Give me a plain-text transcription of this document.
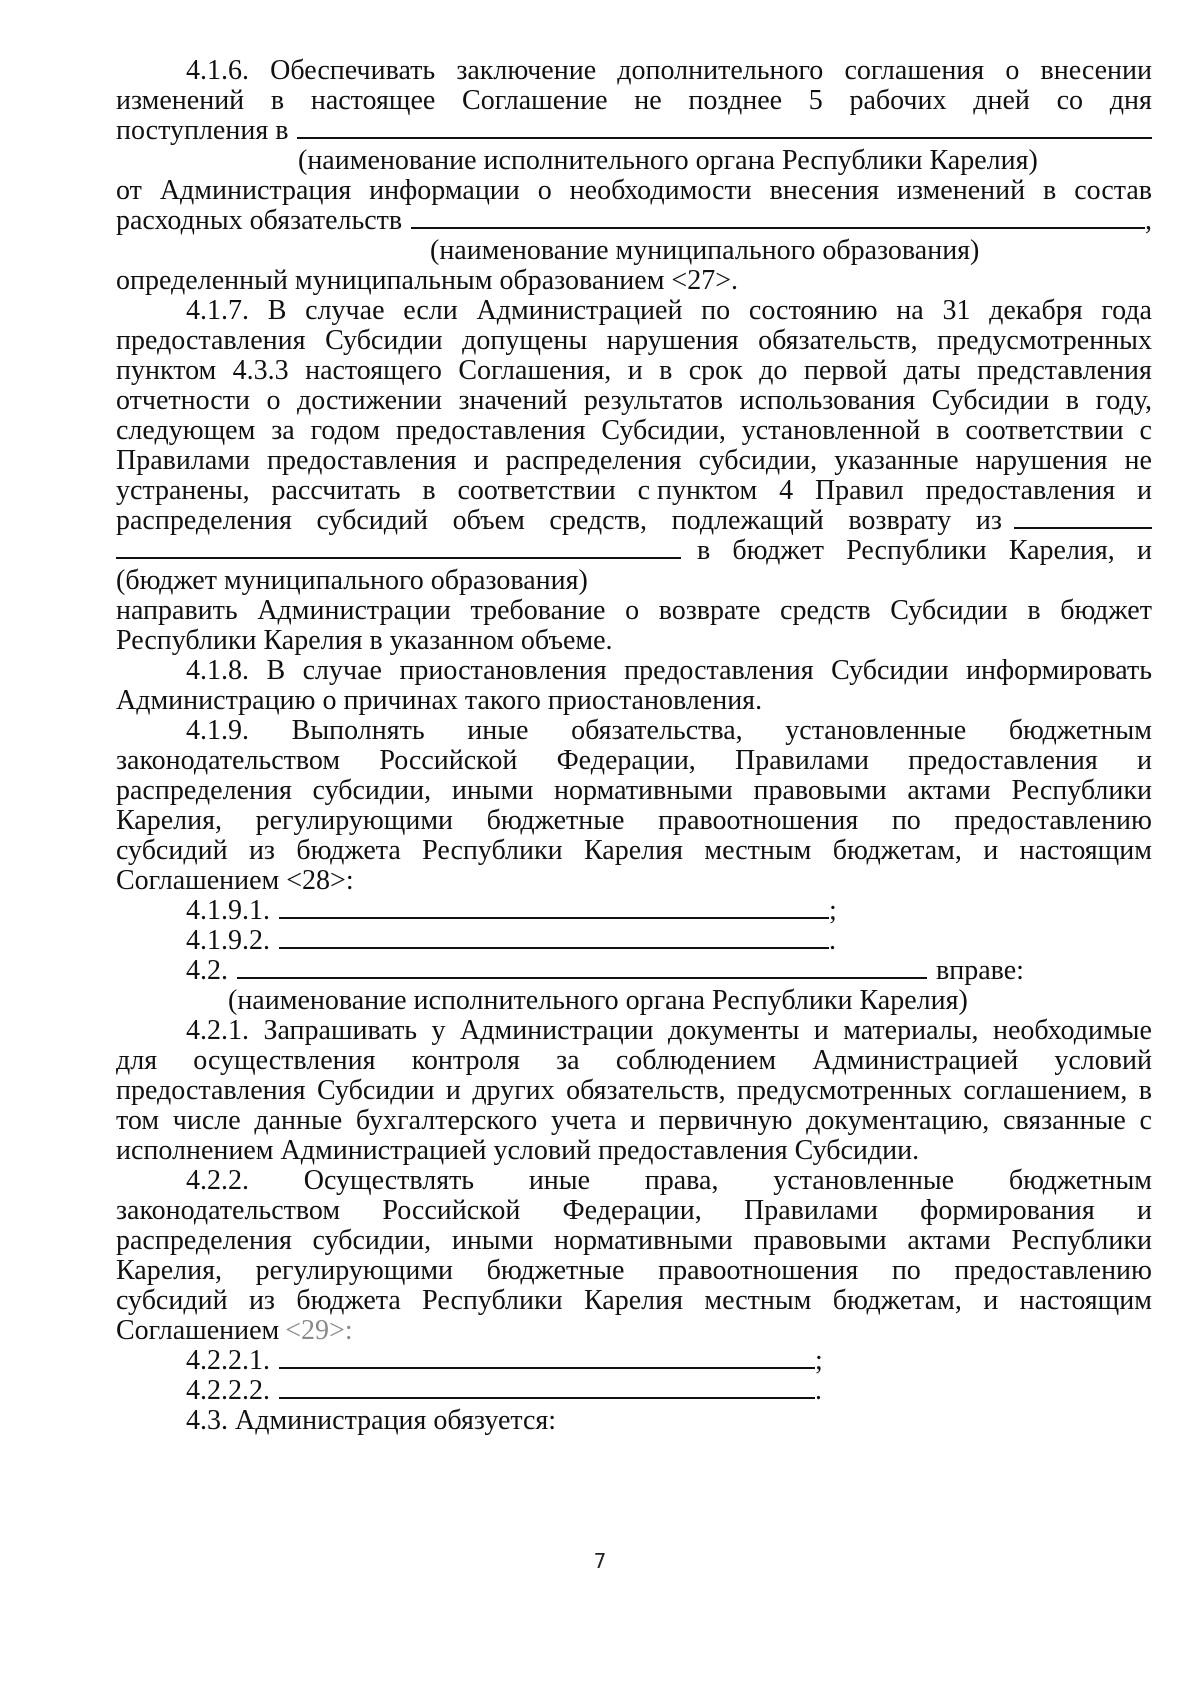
4.1.6. Обеспечивать заключение дополнительного соглашения о внесении
изменений в настоящее Соглашение не позднее 5 рабочих дней со дня
поступления в
(наименование исполнительного органа Республики Карелия)
от Администрация информации о необходимости внесения изменений в состав
расходных обязательств	,
(наименование муниципального образования)
определенный муниципальным образованием <27>.
4.1.7. В случае если Администрацией по состоянию на 31 декабря года
предоставления Субсидии допущены нарушения обязательств, предусмотренных
пунктом 4.3.3 настоящего Соглашения, и в срок до первой даты представления
отчетности о достижении значений результатов использования Субсидии в году,
следующем за годом предоставления Субсидии, установленной в соответствии с
Правилами предоставления и распределения субсидии, указанные нарушения не
устранены, рассчитать в соответствии с пунктом 4 Правил предоставления и
распределения субсидий объем средств, подлежащий возврату из
в бюджет Республики Карелия, и
(бюджет муниципального образования)
направить Администрации требование о возврате средств Субсидии в бюджет
Республики Карелия в указанном объеме.
4.1.8. В случае приостановления предоставления Субсидии информировать
Администрацию о причинах такого приостановления.
4.1.9. Выполнять иные обязательства, установленные бюджетным
законодательством Российской Федерации, Правилами предоставления и
распределения субсидии, иными нормативными правовыми актами Республики
Карелия, регулирующими бюджетные правоотношения по предоставлению
субсидий из бюджета Республики Карелия местным бюджетам, и настоящим
Соглашением <28>:
4.1.9.1.	;
4.1.9.2.	.
4.2.	вправе:
(наименование исполнительного органа Республики Карелия)
4.2.1. Запрашивать у Администрации документы и материалы, необходимые
для осуществления контроля за соблюдением Администрацией условий
предоставления Субсидии и других обязательств, предусмотренных соглашением, в
том числе данные бухгалтерского учета и первичную документацию, связанные с
исполнением Администрацией условий предоставления Субсидии.
4.2.2. Осуществлять иные права, установленные бюджетным
законодательством Российской Федерации, Правилами формирования и
распределения субсидии, иными нормативными правовыми актами Республики
Карелия, регулирующими бюджетные правоотношения по предоставлению
субсидий из бюджета Республики Карелия местным бюджетам, и настоящим
Соглашением <29>:
4.2.2.1.	;
4.2.2.2.	.
4.3. Администрация обязуется:
7
